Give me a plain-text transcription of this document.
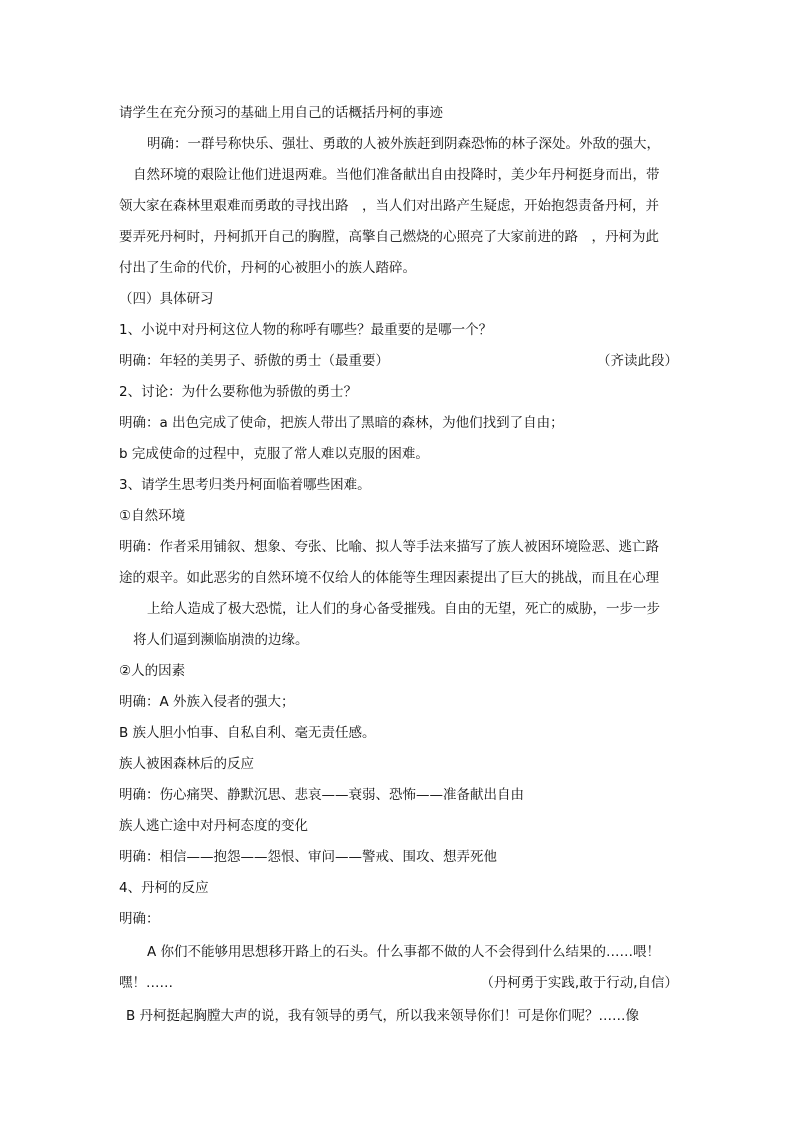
请学生在充分预习的基础上用自己的话概括丹柯的事迹
明确：一群号称快乐、强壮、勇敢的人被外族赶到阴森恐怖的林子深处。外敌的强大，
自然环境的艰险让他们进退两难。当他们准备献出自由投降时，美少年丹柯挺身而出，带
领大家在森林里艰难而勇敢的寻找出路　，当人们对出路产生疑虑，开始抱怨责备丹柯，并
要弄死丹柯时，丹柯抓开自己的胸膛，高擎自己燃烧的心照亮了大家前进的路　，丹柯为此
付出了生命的代价，丹柯的心被胆小的族人踏碎。
（四）具体研习
1、小说中对丹柯这位人物的称呼有哪些？最重要的是哪一个？
明确：年轻的美男子、骄傲的勇士（最重要）	（齐读此段）
2、讨论：为什么要称他为骄傲的勇士？
明确：a 出色完成了使命，把族人带出了黑暗的森林，为他们找到了自由；
b 完成使命的过程中，克服了常人难以克服的困难。
3、请学生思考归类丹柯面临着哪些困难。
①自然环境
明确：作者采用铺叙、想象、夸张、比喻、拟人等手法来描写了族人被困环境险恶、逃亡路
途的艰辛。如此恶劣的自然环境不仅给人的体能等生理因素提出了巨大的挑战，而且在心理
上给人造成了极大恐慌，让人们的身心备受摧残。自由的无望，死亡的威胁，一步一步
将人们逼到濒临崩溃的边缘。
②人的因素
明确：A 外族入侵者的强大；
B 族人胆小怕事、自私自利、毫无责任感。
族人被困森林后的反应
明确：伤心痛哭、静默沉思、悲哀——衰弱、恐怖——准备献出自由
族人逃亡途中对丹柯态度的变化
明确：相信——抱怨——怨恨、审问——警戒、围攻、想弄死他
4、丹柯的反应
明确：
A 你们不能够用思想移开路上的石头。什么事都不做的人不会得到什么结果的……喂！
嘿！……	（丹柯勇于实践,敢于行动,自信）
B 丹柯挺起胸膛大声的说，我有领导的勇气，所以我来领导你们！可是你们呢？……像
